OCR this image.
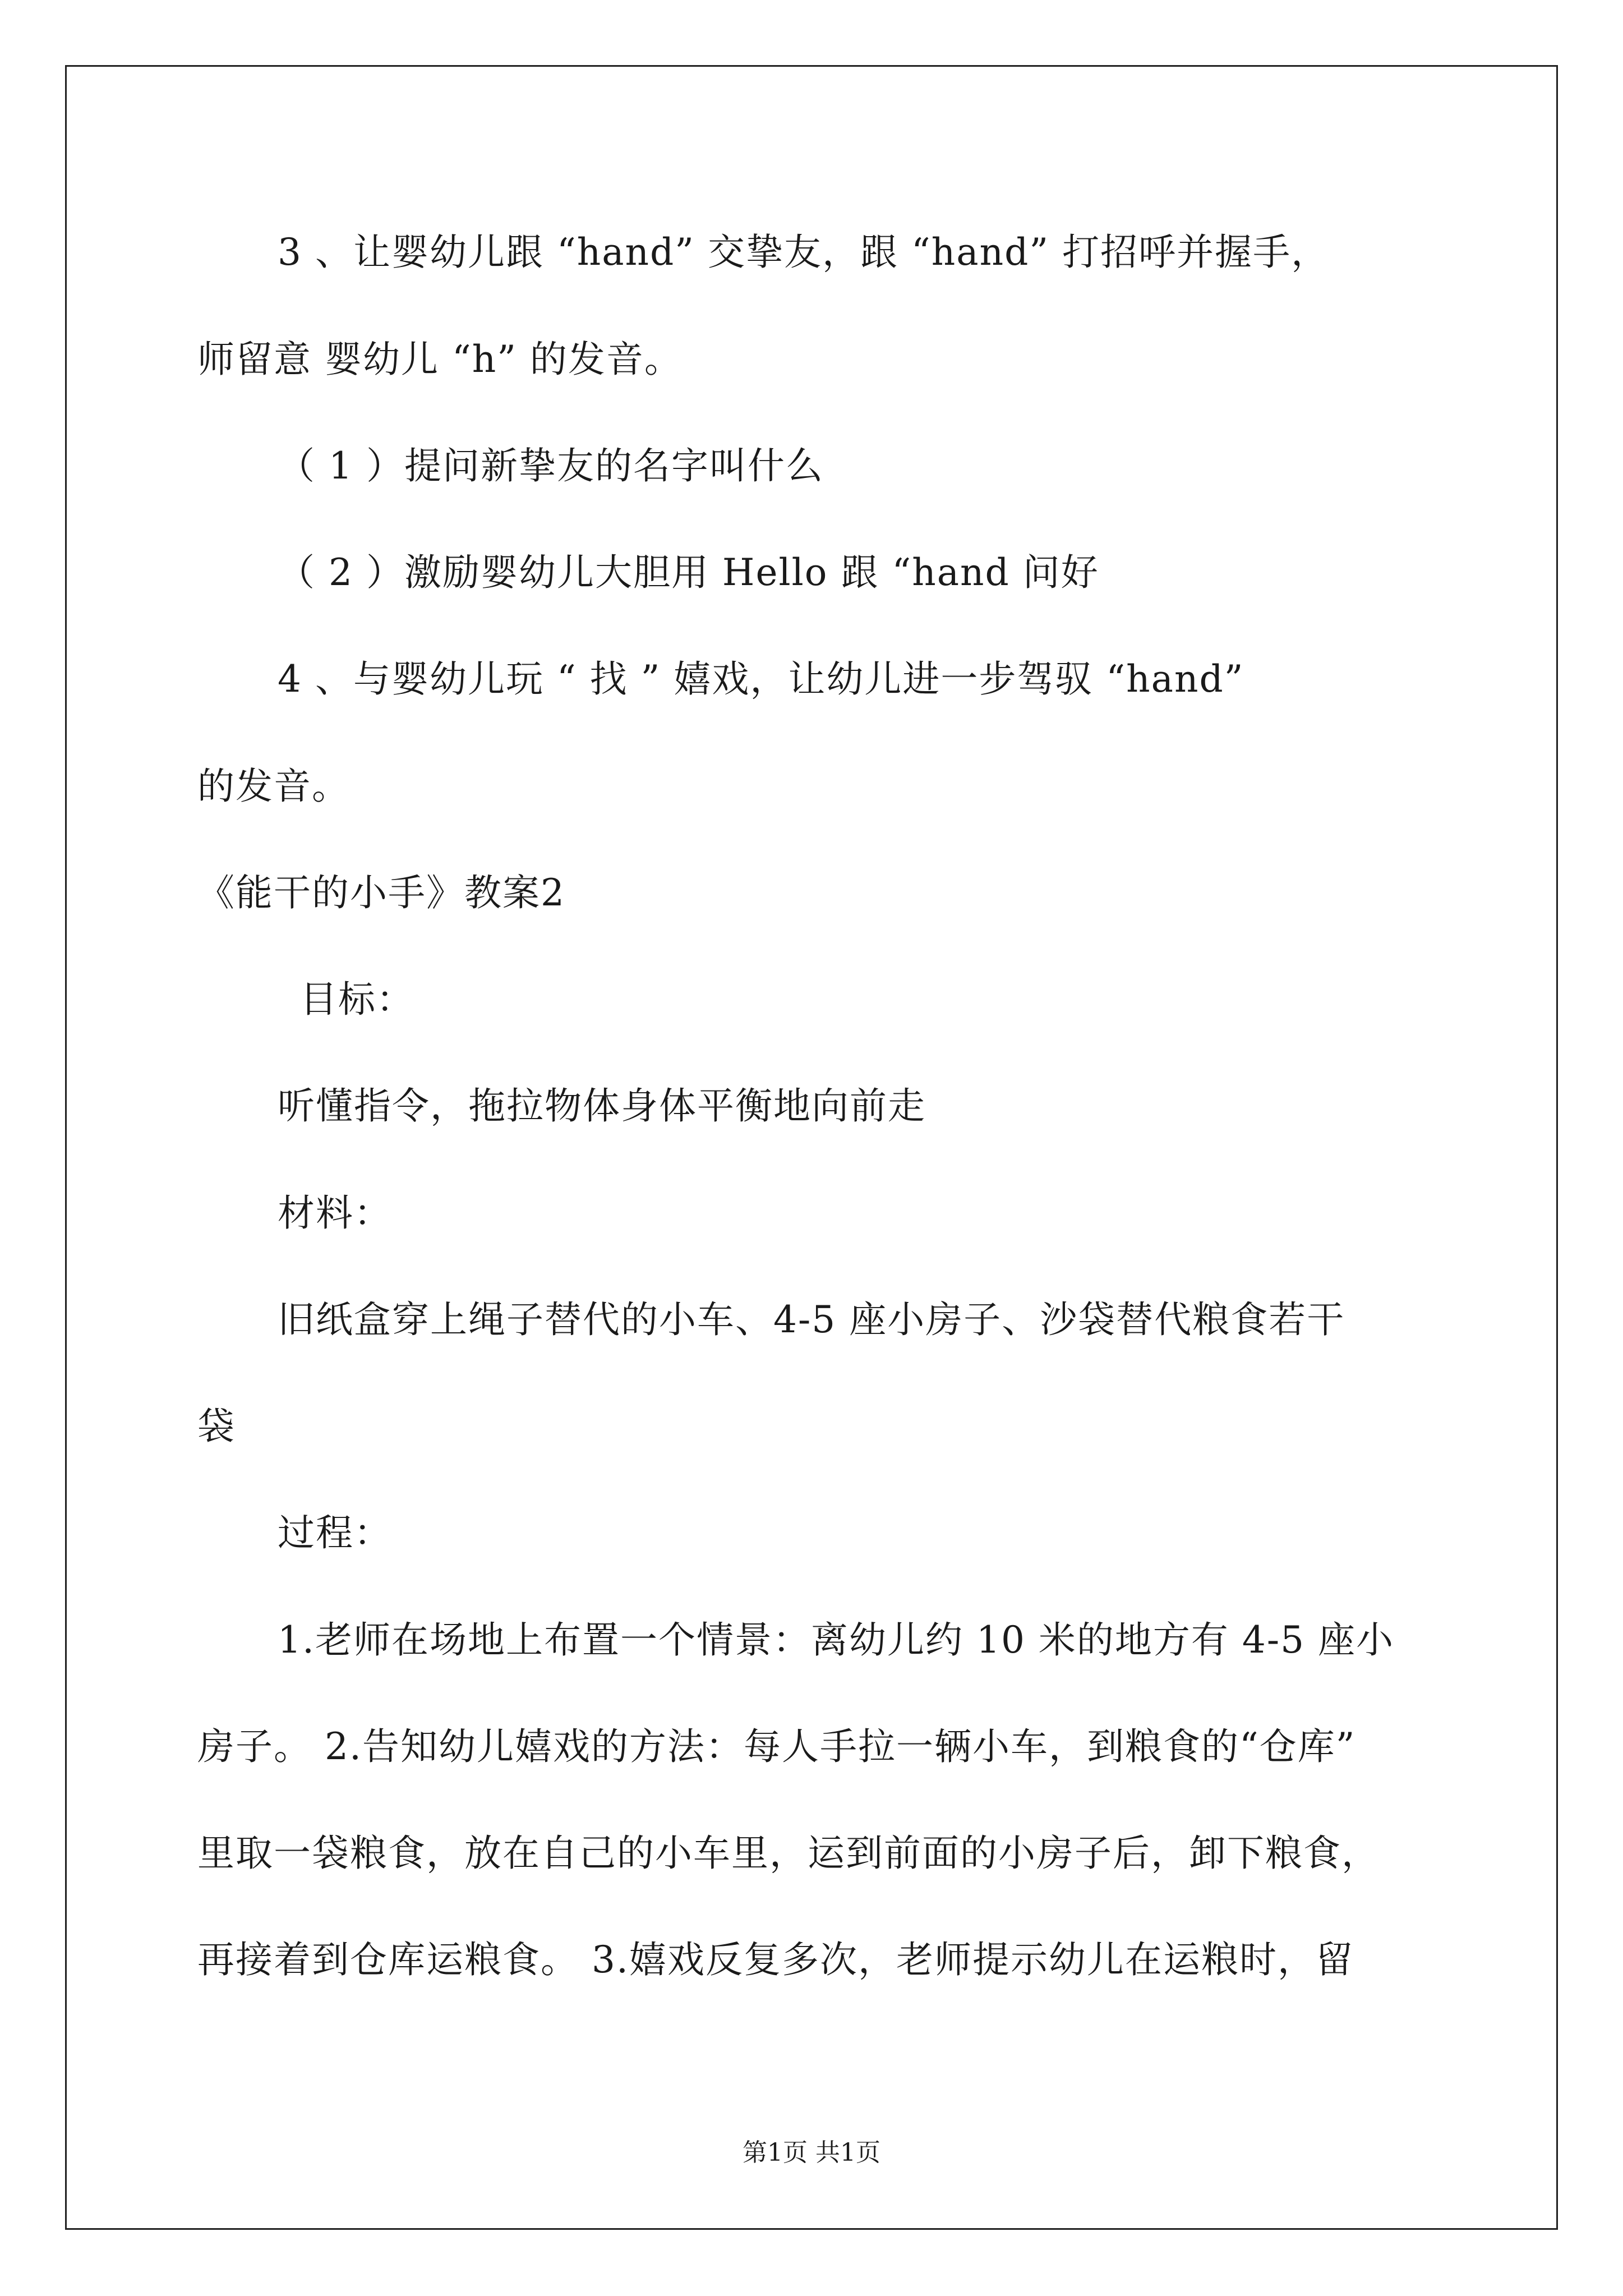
3 、让婴幼儿跟 “hand” 交挚友，跟 “hand” 打招呼并握手，
师留意 婴幼儿 “h” 的发音。
（ 1 ）提问新挚友的名字叫什么
（ 2 ）激励婴幼儿大胆用 Hello 跟 “hand 问好
4 、与婴幼儿玩 “ 找 ” 嬉戏，让幼儿进一步驾驭 “hand”
的发音。
《能干的小手》教案2
目标：
听懂指令，拖拉物体身体平衡地向前走
材料：
旧纸盒穿上绳子替代的小车、4-5 座小房子、沙袋替代粮食若干
袋
过程：
1.老师在场地上布置一个情景：离幼儿约 10 米的地方有 4-5 座小
房子。 2.告知幼儿嬉戏的方法：每人手拉一辆小车，到粮食的“仓库”
里取一袋粮食，放在自己的小车里，运到前面的小房子后，卸下粮食，
再接着到仓库运粮食。 3.嬉戏反复多次，老师提示幼儿在运粮时，留
第1页 共1页
